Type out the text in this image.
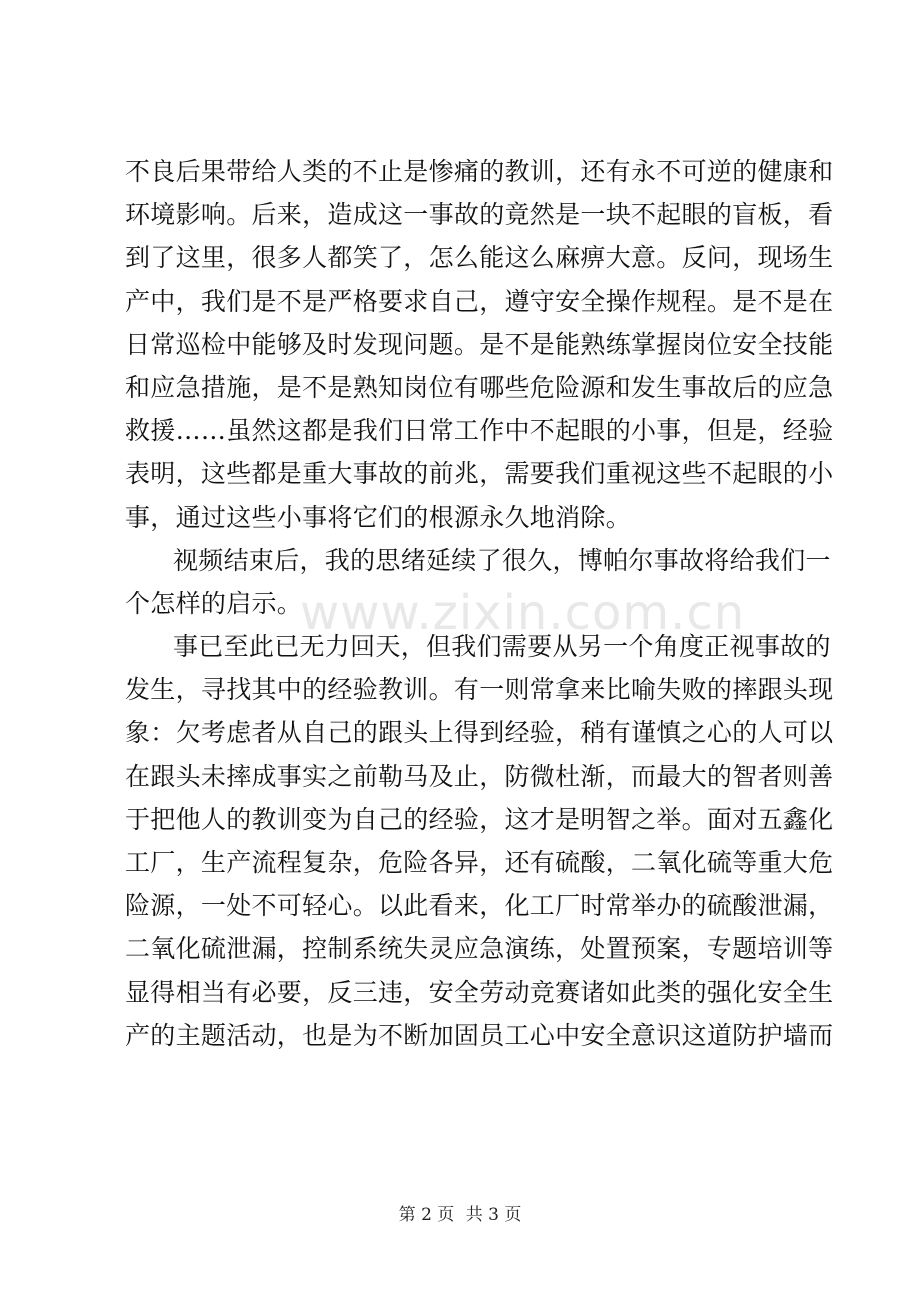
不良后果带给人类的不止是惨痛的教训，还有永不可逆的健康和
环境影响。后来，造成这一事故的竟然是一块不起眼的盲板，看
到了这里，很多人都笑了，怎么能这么麻痹大意。反问，现场生
产中，我们是不是严格要求自己，遵守安全操作规程。是不是在
日常巡检中能够及时发现问题。是不是能熟练掌握岗位安全技能
和应急措施，是不是熟知岗位有哪些危险源和发生事故后的应急
救援……虽然这都是我们日常工作中不起眼的小事，但是，经验
表明，这些都是重大事故的前兆，需要我们重视这些不起眼的小
事，通过这些小事将它们的根源永久地消除。
视频结束后，我的思绪延续了很久，博帕尔事故将给我们一
个怎样的启示。
事已至此已无力回天，但我们需要从另一个角度正视事故的
发生，寻找其中的经验教训。有一则常拿来比喻失败的摔跟头现
象：欠考虑者从自己的跟头上得到经验，稍有谨慎之心的人可以
在跟头未摔成事实之前勒马及止，防微杜渐，而最大的智者则善
于把他人的教训变为自己的经验，这才是明智之举。面对五鑫化
工厂，生产流程复杂，危险各异，还有硫酸，二氧化硫等重大危
险源，一处不可轻心。以此看来，化工厂时常举办的硫酸泄漏，
二氧化硫泄漏，控制系统失灵应急演练，处置预案，专题培训等
显得相当有必要，反三违，安全劳动竞赛诸如此类的强化安全生
产的主题活动，也是为不断加固员工心中安全意识这道防护墙而
www.zixin.com.cn
第 2 页 共 3 页
